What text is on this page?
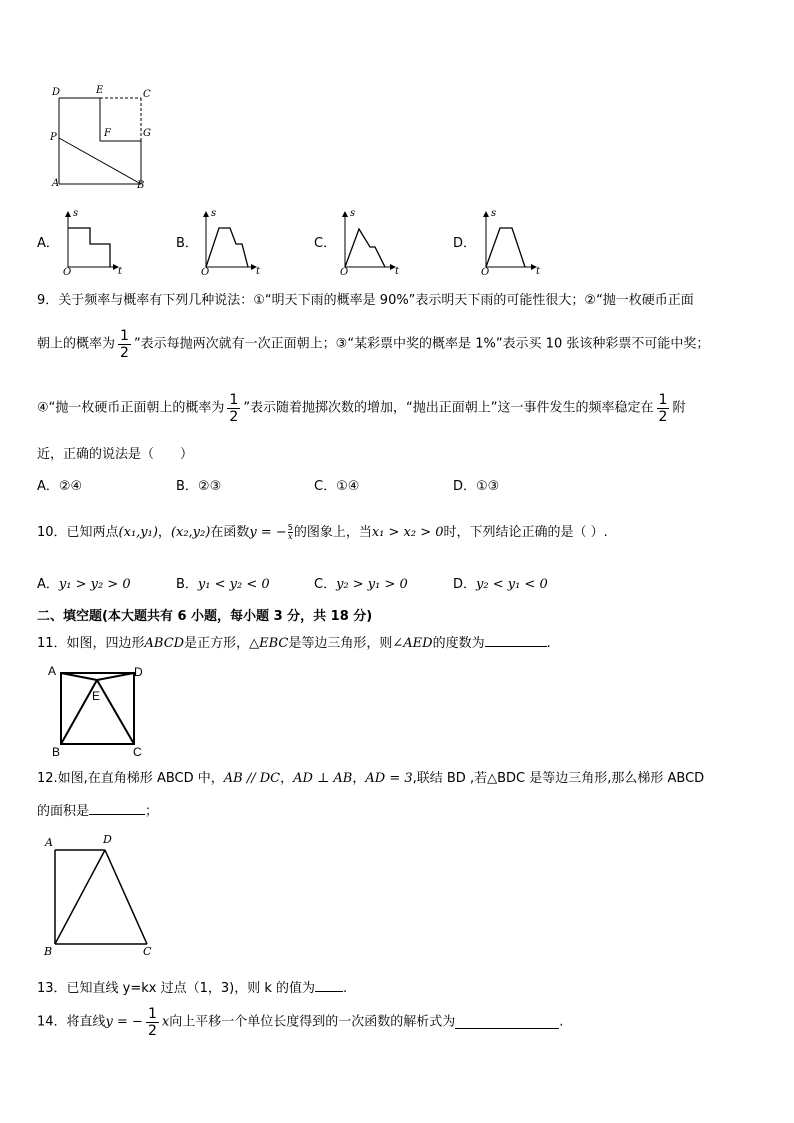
D	E	C
P	F	G
A	B
A．	B．	C．	D．
s
O	t
s
O	t
s
O	t
s
O	t
9．关于频率与概率有下列几种说法：①“明天下雨的概率是 90%”表示明天下雨的可能性很大；②“抛一枚硬币正面
朝上的概率为 $\frac{1}{2}$ ”表示每抛两次就有一次正面朝上；③“某彩票中奖的概率是 1%”表示买 10 张该种彩票不可能中奖；
④“抛一枚硬币正面朝上的概率为 $\frac{1}{2}$ ”表示随着抛掷次数的增加，“抛出正面朝上”这一事件发生的频率稳定在 $\frac{1}{2}$ 附
近，正确的说法是（　　）
A．②④	B．②③	C．①④	D．①③
10．已知两点(x₁,y₁)，(x₂,y₂)在函数y = − $\frac{5}{x}$ 的图象上，当x₁ > x₂ > 0时，下列结论正确的是（ ）.
A．y₁ > y₂ > 0	B．y₁ < y₂ < 0	C．y₂ > y₁ > 0	D．y₂ < y₁ < 0
二、填空题(本大题共有 6 小题，每小题 3 分，共 18 分)
11．如图，四边形ABCD是正方形，△EBC是等边三角形，则∠AED的度数为	.
A	D
E
B	C
12.如图,在直角梯形 ABCD 中，AB // DC，AD ⊥ AB，AD = 3,联结 BD ,若△BDC 是等边三角形,那么梯形 ABCD
的面积是	；
A	D
B	C
13．已知直线 y=kx 过点（1，3)，则 k 的值为 .
14．将直线y = − $\frac{1}{2}$ x向上平移一个单位长度得到的一次函数的解析式为	.
